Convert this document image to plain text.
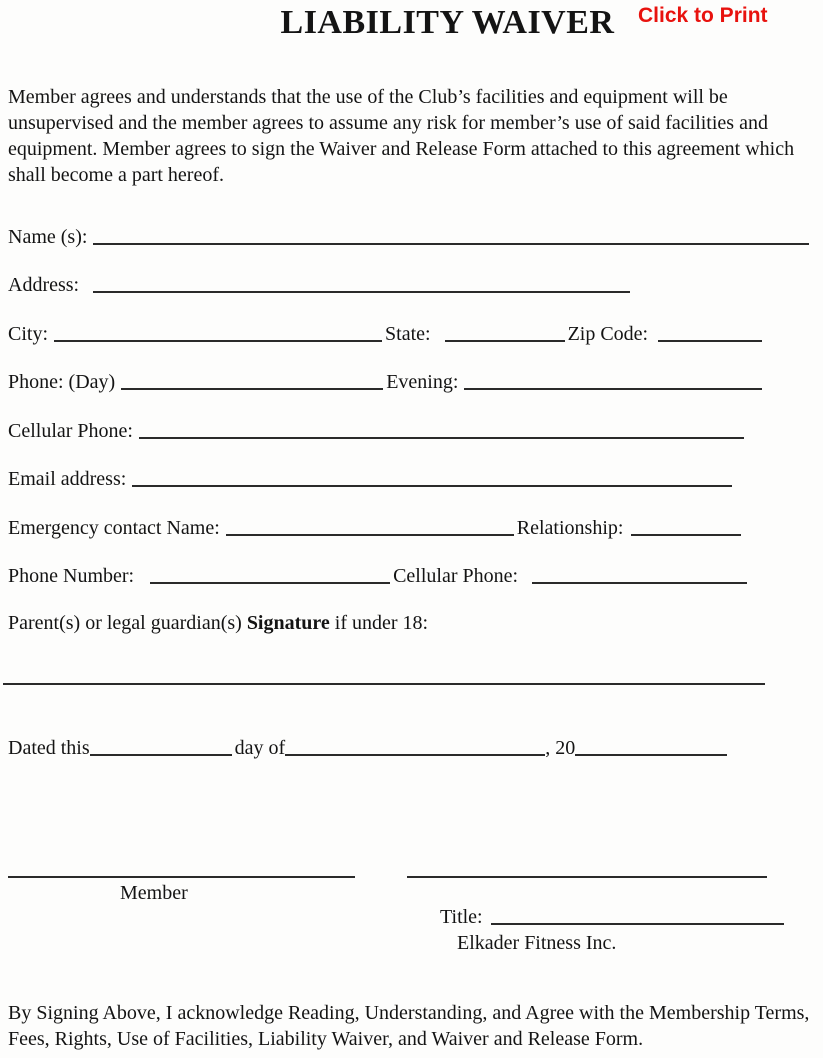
LIABILITY WAIVER	Click to Print
Member agrees and understands that the use of the Club’s facilities and equipment will be unsupervised and the member agrees to assume any risk for member’s use of said facilities and equipment. Member agrees to sign the Waiver and Release Form attached to this agreement which shall become a part hereof.
Name (s):
Address:
City:	State:	Zip Code:
Phone: (Day)	Evening:
Cellular Phone:
Email address:
Emergency contact Name:	Relationship:
Phone Number:	Cellular Phone:
Parent(s) or legal guardian(s) Signature if under 18:
Dated this	day of	, 20
Member
Title:
Elkader Fitness Inc.
By Signing Above, I acknowledge Reading, Understanding, and Agree with the Membership Terms, Fees, Rights, Use of Facilities, Liability Waiver, and Waiver and Release Form.
